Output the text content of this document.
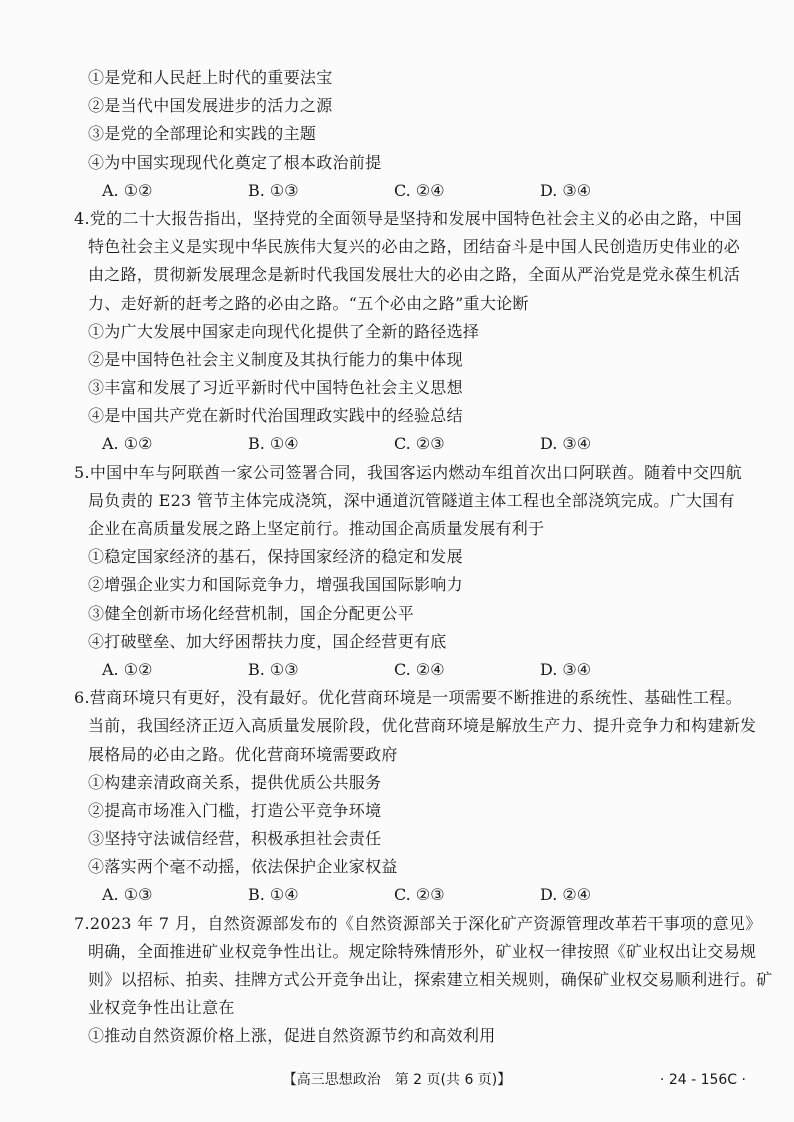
①是党和人民赶上时代的重要法宝
②是当代中国发展进步的活力之源
③是党的全部理论和实践的主题
④为中国实现现代化奠定了根本政治前提
A. ①②	B. ①③	C. ②④	D. ③④
4.党的二十大报告指出，坚持党的全面领导是坚持和发展中国特色社会主义的必由之路，中国
特色社会主义是实现中华民族伟大复兴的必由之路，团结奋斗是中国人民创造历史伟业的必
由之路，贯彻新发展理念是新时代我国发展壮大的必由之路，全面从严治党是党永葆生机活
力、走好新的赶考之路的必由之路。“五个必由之路”重大论断
①为广大发展中国家走向现代化提供了全新的路径选择
②是中国特色社会主义制度及其执行能力的集中体现
③丰富和发展了习近平新时代中国特色社会主义思想
④是中国共产党在新时代治国理政实践中的经验总结
A. ①②	B. ①④	C. ②③	D. ③④
5.中国中车与阿联酋一家公司签署合同，我国客运内燃动车组首次出口阿联酋。随着中交四航
局负责的 E23 管节主体完成浇筑，深中通道沉管隧道主体工程也全部浇筑完成。广大国有
企业在高质量发展之路上坚定前行。推动国企高质量发展有利于
①稳定国家经济的基石，保持国家经济的稳定和发展
②增强企业实力和国际竞争力，增强我国国际影响力
③健全创新市场化经营机制，国企分配更公平
④打破壁垒、加大纾困帮扶力度，国企经营更有底
A. ①②	B. ①③	C. ②④	D. ③④
6.营商环境只有更好，没有最好。优化营商环境是一项需要不断推进的系统性、基础性工程。
当前，我国经济正迈入高质量发展阶段，优化营商环境是解放生产力、提升竞争力和构建新发
展格局的必由之路。优化营商环境需要政府
①构建亲清政商关系，提供优质公共服务
②提高市场准入门槛，打造公平竞争环境
③坚持守法诚信经营，积极承担社会责任
④落实两个毫不动摇，依法保护企业家权益
A. ①③	B. ①④	C. ②③	D. ②④
7.2023 年 7 月，自然资源部发布的《自然资源部关于深化矿产资源管理改革若干事项的意见》
明确，全面推进矿业权竞争性出让。规定除特殊情形外，矿业权一律按照《矿业权出让交易规
则》以招标、拍卖、挂牌方式公开竞争出让，探索建立相关规则，确保矿业权交易顺利进行。矿
业权竞争性出让意在
①推动自然资源价格上涨，促进自然资源节约和高效利用
【高三思想政治　第 2 页(共 6 页)】	· 24 - 156C ·
